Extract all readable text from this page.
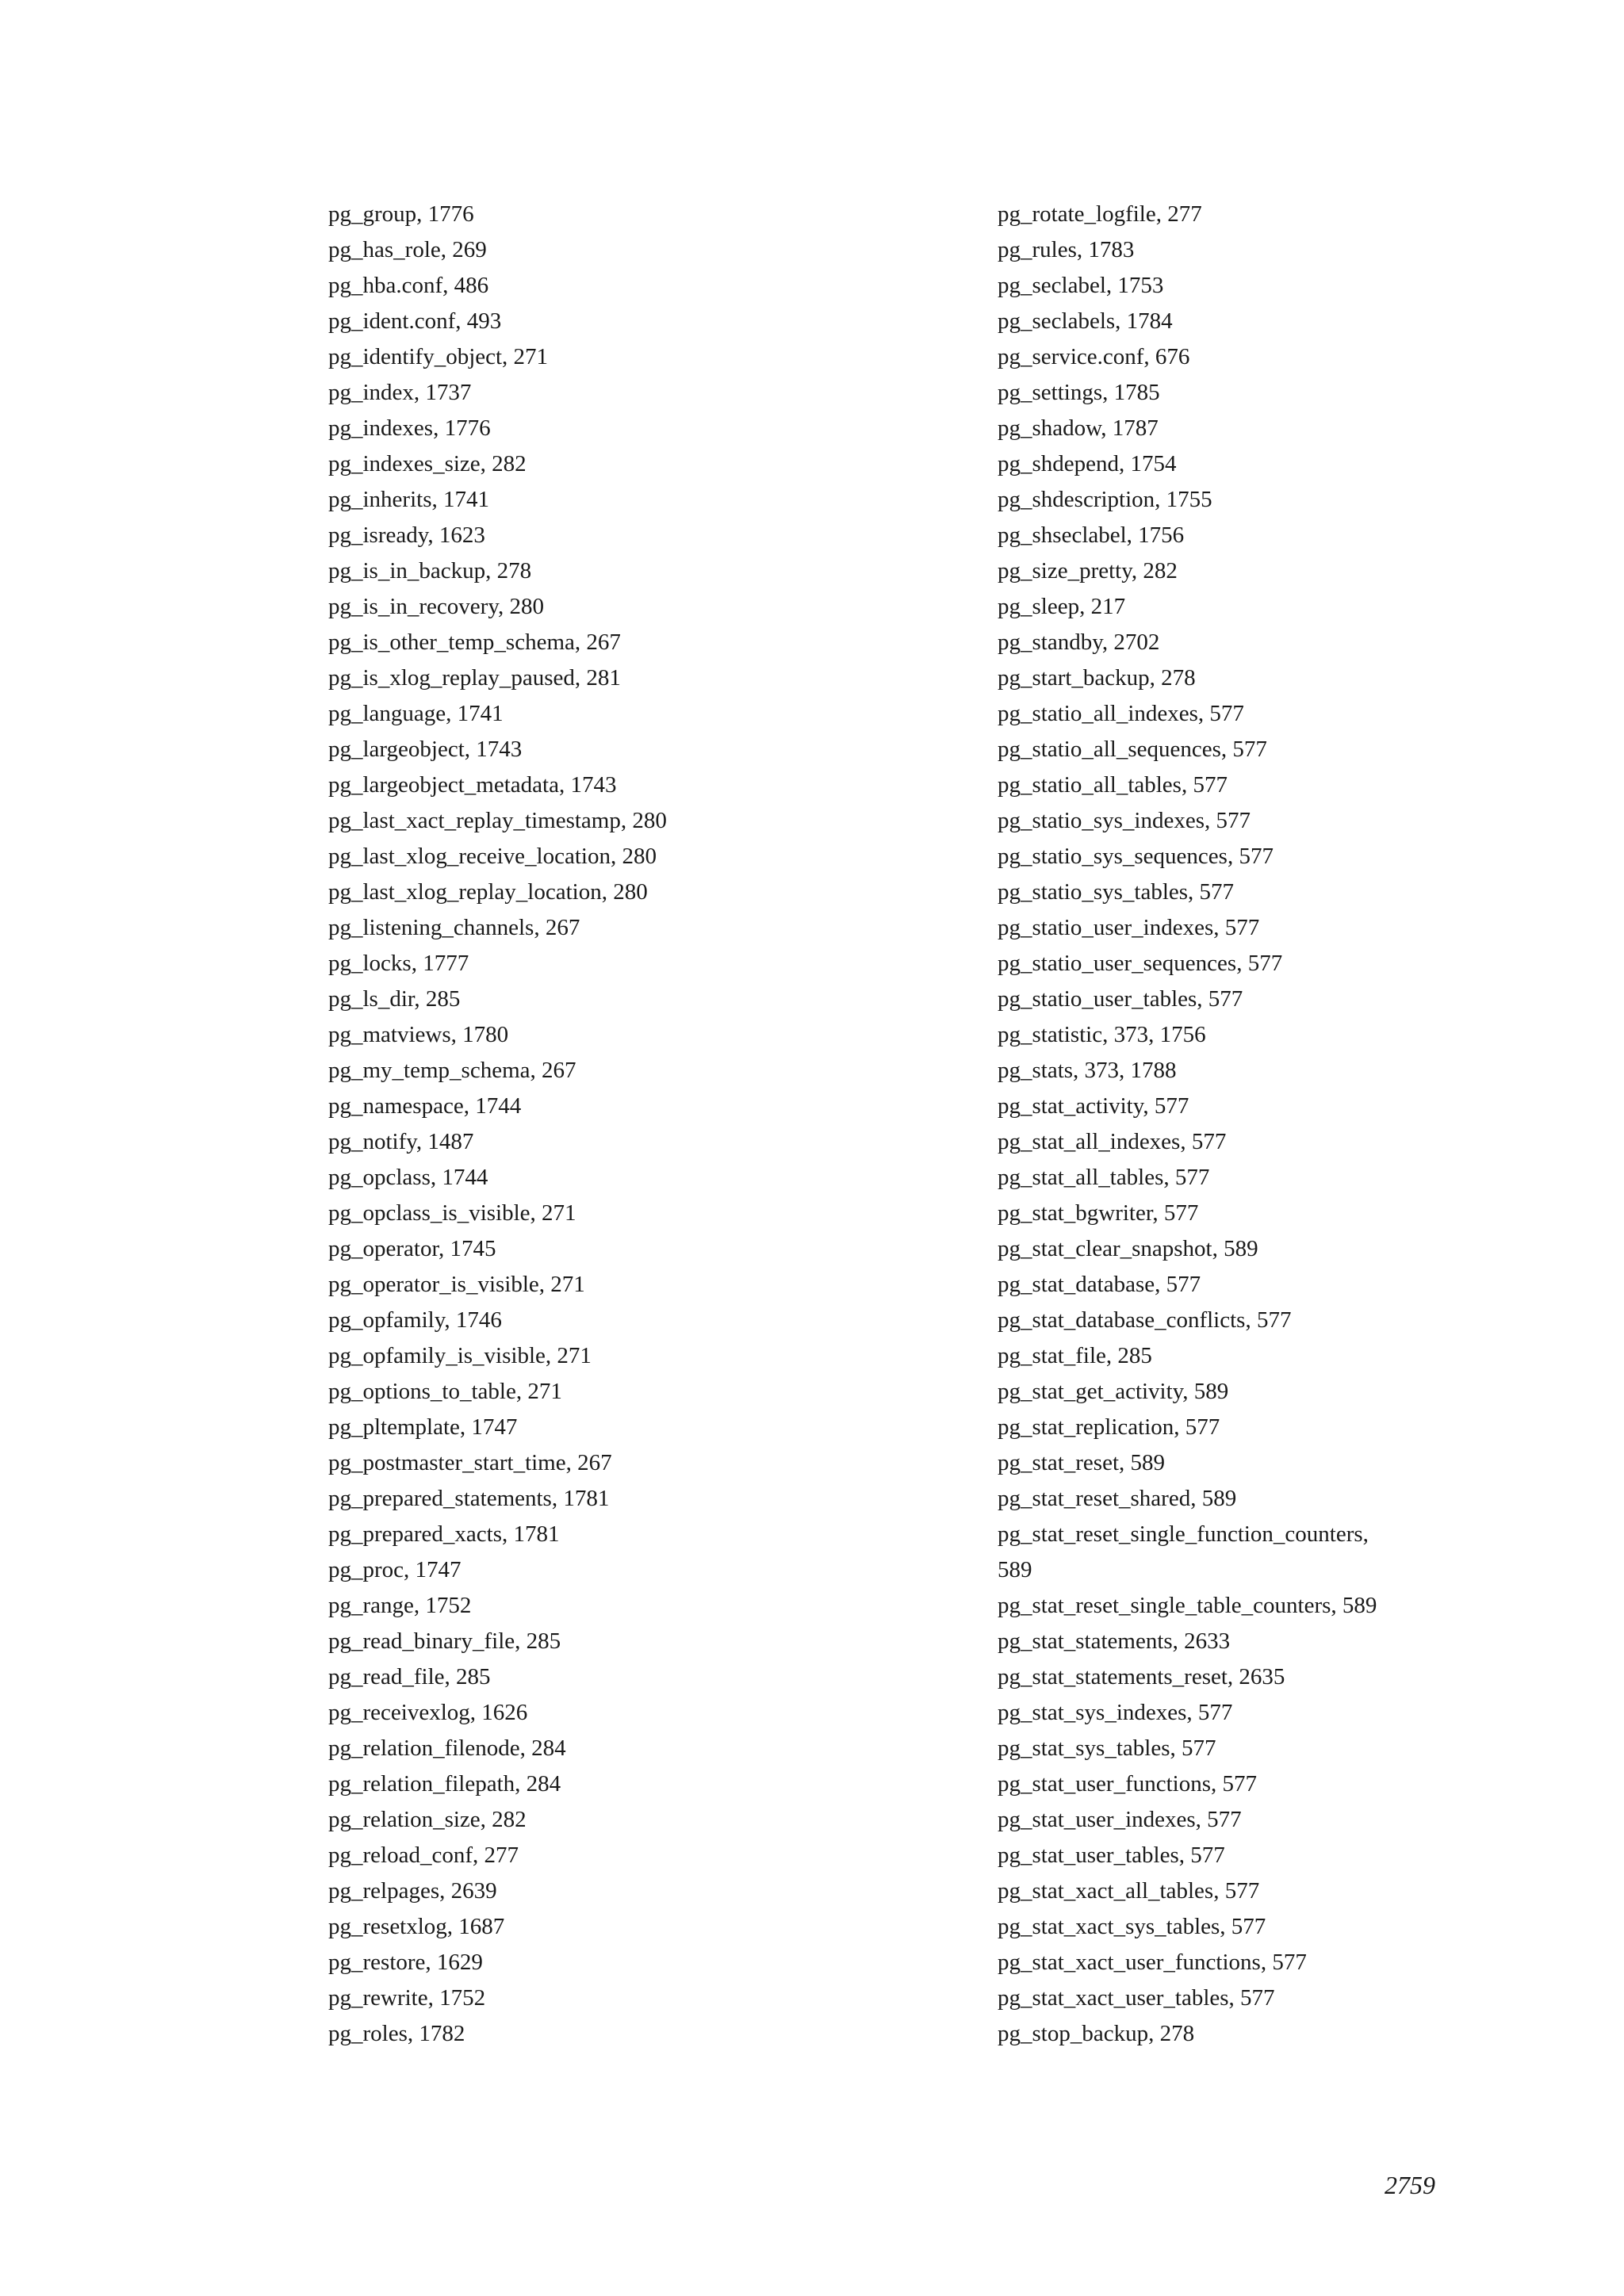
pg_group, 1776
pg_has_role, 269
pg_hba.conf, 486
pg_ident.conf, 493
pg_identify_object, 271
pg_index, 1737
pg_indexes, 1776
pg_indexes_size, 282
pg_inherits, 1741
pg_isready, 1623
pg_is_in_backup, 278
pg_is_in_recovery, 280
pg_is_other_temp_schema, 267
pg_is_xlog_replay_paused, 281
pg_language, 1741
pg_largeobject, 1743
pg_largeobject_metadata, 1743
pg_last_xact_replay_timestamp, 280
pg_last_xlog_receive_location, 280
pg_last_xlog_replay_location, 280
pg_listening_channels, 267
pg_locks, 1777
pg_ls_dir, 285
pg_matviews, 1780
pg_my_temp_schema, 267
pg_namespace, 1744
pg_notify, 1487
pg_opclass, 1744
pg_opclass_is_visible, 271
pg_operator, 1745
pg_operator_is_visible, 271
pg_opfamily, 1746
pg_opfamily_is_visible, 271
pg_options_to_table, 271
pg_pltemplate, 1747
pg_postmaster_start_time, 267
pg_prepared_statements, 1781
pg_prepared_xacts, 1781
pg_proc, 1747
pg_range, 1752
pg_read_binary_file, 285
pg_read_file, 285
pg_receivexlog, 1626
pg_relation_filenode, 284
pg_relation_filepath, 284
pg_relation_size, 282
pg_reload_conf, 277
pg_relpages, 2639
pg_resetxlog, 1687
pg_restore, 1629
pg_rewrite, 1752
pg_roles, 1782
pg_rotate_logfile, 277
pg_rules, 1783
pg_seclabel, 1753
pg_seclabels, 1784
pg_service.conf, 676
pg_settings, 1785
pg_shadow, 1787
pg_shdepend, 1754
pg_shdescription, 1755
pg_shseclabel, 1756
pg_size_pretty, 282
pg_sleep, 217
pg_standby, 2702
pg_start_backup, 278
pg_statio_all_indexes, 577
pg_statio_all_sequences, 577
pg_statio_all_tables, 577
pg_statio_sys_indexes, 577
pg_statio_sys_sequences, 577
pg_statio_sys_tables, 577
pg_statio_user_indexes, 577
pg_statio_user_sequences, 577
pg_statio_user_tables, 577
pg_statistic, 373, 1756
pg_stats, 373, 1788
pg_stat_activity, 577
pg_stat_all_indexes, 577
pg_stat_all_tables, 577
pg_stat_bgwriter, 577
pg_stat_clear_snapshot, 589
pg_stat_database, 577
pg_stat_database_conflicts, 577
pg_stat_file, 285
pg_stat_get_activity, 589
pg_stat_replication, 577
pg_stat_reset, 589
pg_stat_reset_shared, 589
pg_stat_reset_single_function_counters,
589
pg_stat_reset_single_table_counters, 589
pg_stat_statements, 2633
pg_stat_statements_reset, 2635
pg_stat_sys_indexes, 577
pg_stat_sys_tables, 577
pg_stat_user_functions, 577
pg_stat_user_indexes, 577
pg_stat_user_tables, 577
pg_stat_xact_all_tables, 577
pg_stat_xact_sys_tables, 577
pg_stat_xact_user_functions, 577
pg_stat_xact_user_tables, 577
pg_stop_backup, 278
2759
